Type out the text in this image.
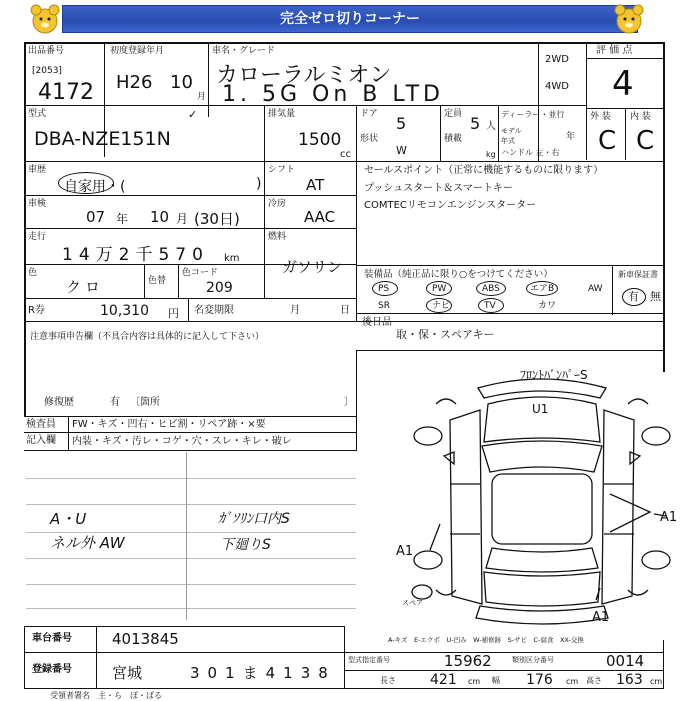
完全ゼロ切りコーナー
出品番号
[2053]
4172
初度登録年月
H26 10
月
車名・グレード
カローラルミオン
1. 5G On B LTD
2WD
4WD
評 価 点
4
外 装 内 装
C C
型式	✓
DBA-NZE151N
排気量
1500
cc
ドア 5	定員 5 人
形状
W
積載
kg
ディーラー・並行
モデル年式	年
ハンドル 左・右
車歴
自家用・(	)
シフト
AT
車検
07 年 10 月 (30日)
冷房
AAC
走行
14万2千570 km
燃料
ガソリン
色
クロ	色替
色コード
209
R券	10,310 円 名変期限	月	日
注意事項申告欄（不具合内容は具体的に記入して下さい）
修復歴	有 〔箇所	〕
検査員
記入欄
FW・キズ・凹右・ヒビ割・リペア跡・×要
内装・キズ・汚レ・コゲ・穴・スレ・キレ・破レ
A・U
ネル外 AW
ｶﾞｿﾘﾝ口内S
下廻りS
セールスポイント（正常に機能するものに限ります）
プッシュスタート＆スマートキー
COMTECリモコンエンジンスターター
装備品（純正品に限り○をつけてください）
PS	PW	ABS	エアB	AW
SR	ナビ	TV	カワ
新車保証書
有 無
後日品
取・保・スペアキー
ﾌﾛﾝﾄﾊﾞﾝﾊﾟｰS
U1
A1
A1
A1
スペア
A-キズ　E-エクボ　U-凹み　W-補修跡　S-サビ　C-腐食　XX-交換
車台番号	4013845
登録番号	宮城	301ま4138
型式指定番号	15962	類別区分番号	0014
長さ 421 cm 幅 176 cm 高さ 163 cm
受領者署名　主・ら　ぼ・ばる
